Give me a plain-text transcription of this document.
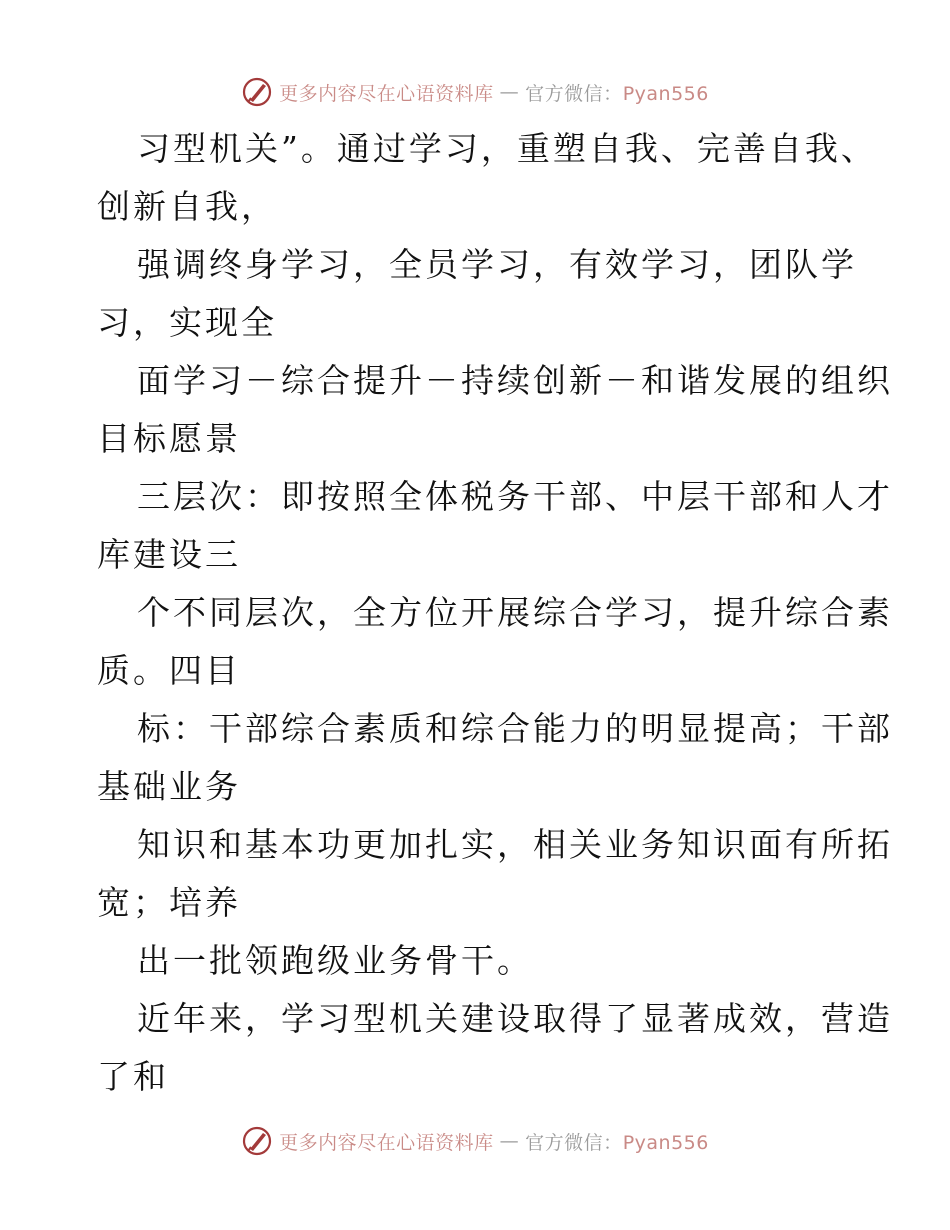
更多内容尽在心语资料库 — 官方微信：Pyan556
习型机关”。通过学习，重塑自我、完善自我、
创新自我，
强调终身学习，全员学习，有效学习，团队学
习，实现全
面学习－综合提升－持续创新－和谐发展的组织
目标愿景
三层次：即按照全体税务干部、中层干部和人才
库建设三
个不同层次，全方位开展综合学习，提升综合素
质。四目
标：干部综合素质和综合能力的明显提高；干部
基础业务
知识和基本功更加扎实，相关业务知识面有所拓
宽；培养
出一批领跑级业务骨干。
近年来，学习型机关建设取得了显著成效，营造
了和
更多内容尽在心语资料库 — 官方微信：Pyan556
